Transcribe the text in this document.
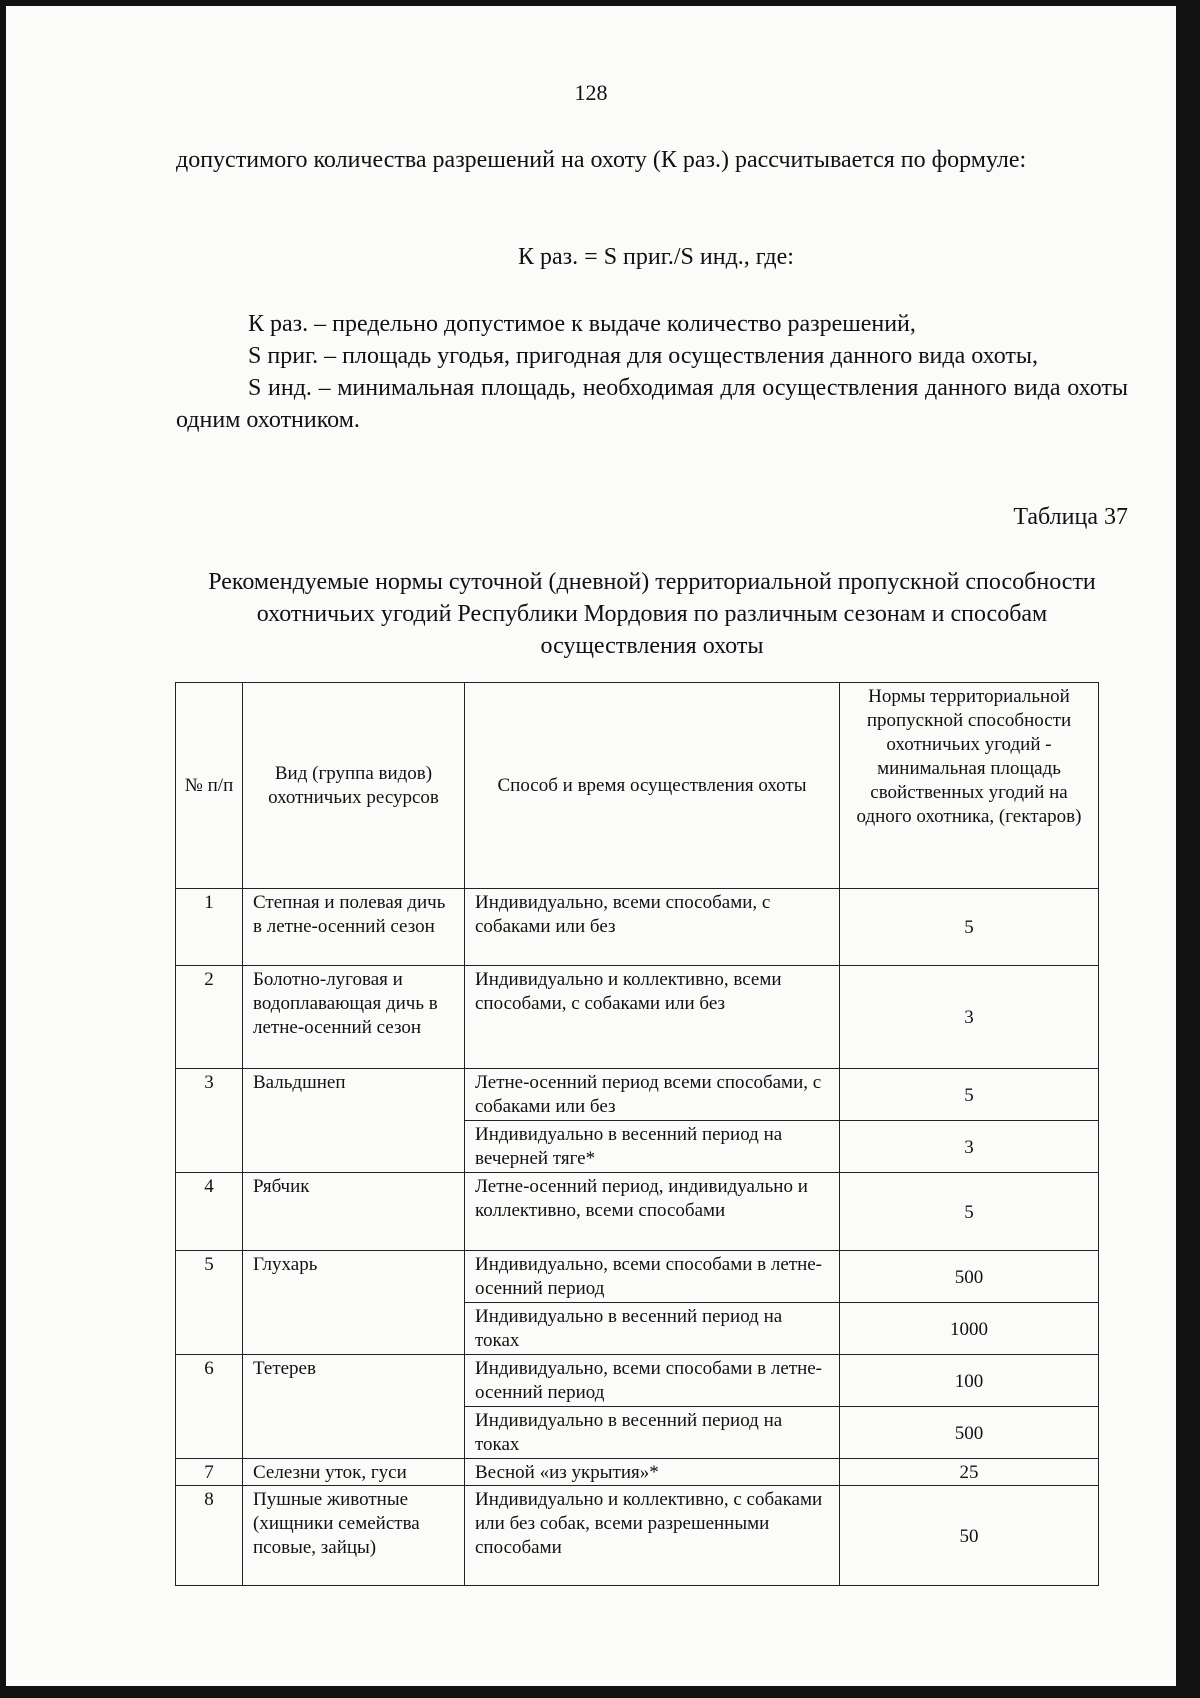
128
допустимого количества разрешений на охоту (К раз.) рассчитывается по формуле:
К раз. = S приг./S инд., где:
К раз. – предельно допустимое к выдаче количество разрешений,
S приг. – площадь угодья, пригодная для осуществления данного вида охоты,
S инд. – минимальная площадь, необходимая для осуществления данного вида охоты одним охотником.
Таблица 37
Рекомендуемые нормы суточной (дневной) территориальной пропускной способности охотничьих угодий Республики Мордовия по различным сезонам и способам осуществления охоты
№ п/п	Вид (группа видов) охотничьих ресурсов	Способ и время осуществления охоты	Нормы территориальной пропускной способности охотничьих угодий - минимальная площадь свойственных угодий на одного охотника, (гектаров)
1	Степная и полевая дичь в летне-осенний сезон	Индивидуально, всеми способами, с собаками или без	5
2	Болотно-луговая и водоплавающая дичь в летне-осенний сезон	Индивидуально и коллективно, всеми способами, с собаками или без	3
3	Вальдшнеп	Летне-осенний период всеми способами, с собаками или без	5
		Индивидуально в весенний период на вечерней тяге*	3
4	Рябчик	Летне-осенний период, индивидуально и коллективно, всеми способами	5
5	Глухарь	Индивидуально, всеми способами в летне-осенний период	500
		Индивидуально в весенний период на токах	1000
6	Тетерев	Индивидуально, всеми способами в летне-осенний период	100
		Индивидуально в весенний период на токах	500
7	Селезни уток, гуси	Весной «из укрытия»*	25
8	Пушные животные (хищники семейства псовые, зайцы)	Индивидуально и коллективно, с собаками или без собак, всеми разрешенными способами	50
